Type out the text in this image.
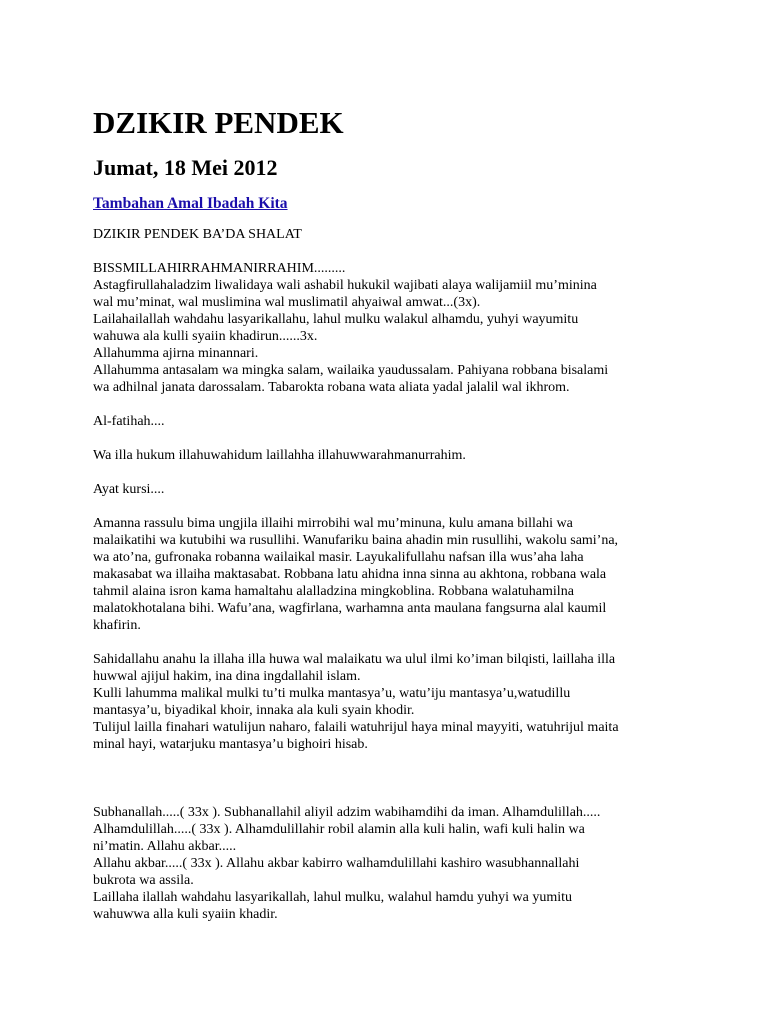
DZIKIR PENDEK
Jumat, 18 Mei 2012
Tambahan Amal Ibadah Kita
DZIKIR PENDEK BA’DA SHALAT

BISSMILLAHIRRAHMANIRRAHIM.........
Astagfirullahaladzim liwalidaya wali ashabil hukukil wajibati alaya walijamiil mu’minina
wal mu’minat, wal muslimina wal muslimatil ahyaiwal amwat...(3x).
Lailahailallah wahdahu lasyarikallahu, lahul mulku walakul alhamdu, yuhyi wayumitu
wahuwa ala kulli syaiin khadirun......3x.
Allahumma ajirna minannari.
Allahumma antasalam wa mingka salam, wailaika yaudussalam. Pahiyana robbana bisalami
wa adhilnal janata darossalam. Tabarokta robana wata aliata yadal jalalil wal ikhrom.

Al-fatihah....

Wa illa hukum illahuwahidum laillahha illahuwwarahmanurrahim.

Ayat kursi....

Amanna rassulu bima ungjila illaihi mirrobihi wal mu’minuna, kulu amana billahi wa
malaikatihi wa kutubihi wa rusullihi. Wanufariku baina ahadin min rusullihi, wakolu sami’na,
wa ato’na, gufronaka robanna wailaikal masir. Layukalifullahu nafsan illa wus’aha laha
makasabat wa illaiha maktasabat. Robbana latu ahidna inna sinna au akhtona, robbana wala
tahmil alaina isron kama hamaltahu alalladzina mingkoblina. Robbana walatuhamilna
malatokhotalana bihi. Wafu’ana, wagfirlana, warhamna anta maulana fangsurna alal kaumil
khafirin.

Sahidallahu anahu la illaha illa huwa wal malaikatu wa ulul ilmi ko’iman bilqisti, laillaha illa
huwwal ajijul hakim, ina dina ingdallahil islam.
Kulli lahumma malikal mulki tu’ti mulka mantasya’u, watu’iju mantasya’u,watudillu
mantasya’u, biyadikal khoir, innaka ala kuli syain khodir.
Tulijul lailla finahari watulijun naharo, falaili watuhrijul haya minal mayyiti, watuhrijul maita
minal hayi, watarjuku mantasya’u bighoiri hisab.

Subhanallah.....( 33x ). Subhanallahil aliyil adzim wabihamdihi da iman. Alhamdulillah.....
Alhamdulillah.....( 33x ). Alhamdulillahir robil alamin alla kuli halin, wafi kuli halin wa
ni’matin. Allahu akbar.....
Allahu akbar.....( 33x ). Allahu akbar kabirro walhamdulillahi kashiro wasubhannallahi
bukrota wa assila.
Laillaha ilallah wahdahu lasyarikallah, lahul mulku, walahul hamdu yuhyi wa yumitu
wahuwwa alla kuli syaiin khadir.
